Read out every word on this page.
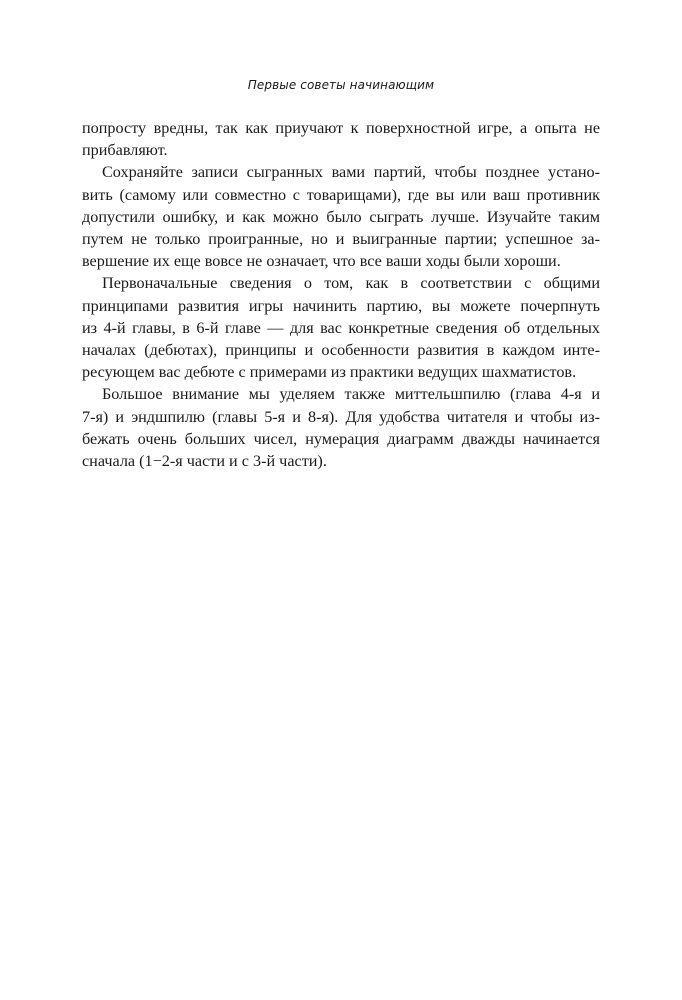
Первые советы начинающим

попросту вредны, так как приучают к поверхностной игре, а опыта не
прибавляют.

Сохраняйте записи сыгранных вами партий, чтобы позднее устано-
вить (самому или совместно с товарищами), где вы или ваш противник
допустили ошибку, и как можно было сыграть лучше. Изучайте таким
путем не только проигранные, но и выигранные партии; успешное за-
вершение их еще вовсе не означает, что все ваши ходы были хороши.

Первоначальные сведения о том, как в соответствии с общими
принципами развития игры начинить партию, вы можете почерпнуть
из 4-й главы, в 6-й главе — для вас конкретные сведения об отдельных
началах (дебютах), принципы и особенности развития в каждом инте-
ресующем вас дебюте с примерами из практики ведущих шахматистов.

Большое внимание мы уделяем также миттельшпилю (глава 4-я и
7-я) и эндшпилю (главы 5-я и 8-я). Для удобства читателя и чтобы из-
бежать очень больших чисел, нумерация диаграмм дважды начинается
сначала (1−2-я части и с 3-й части).
